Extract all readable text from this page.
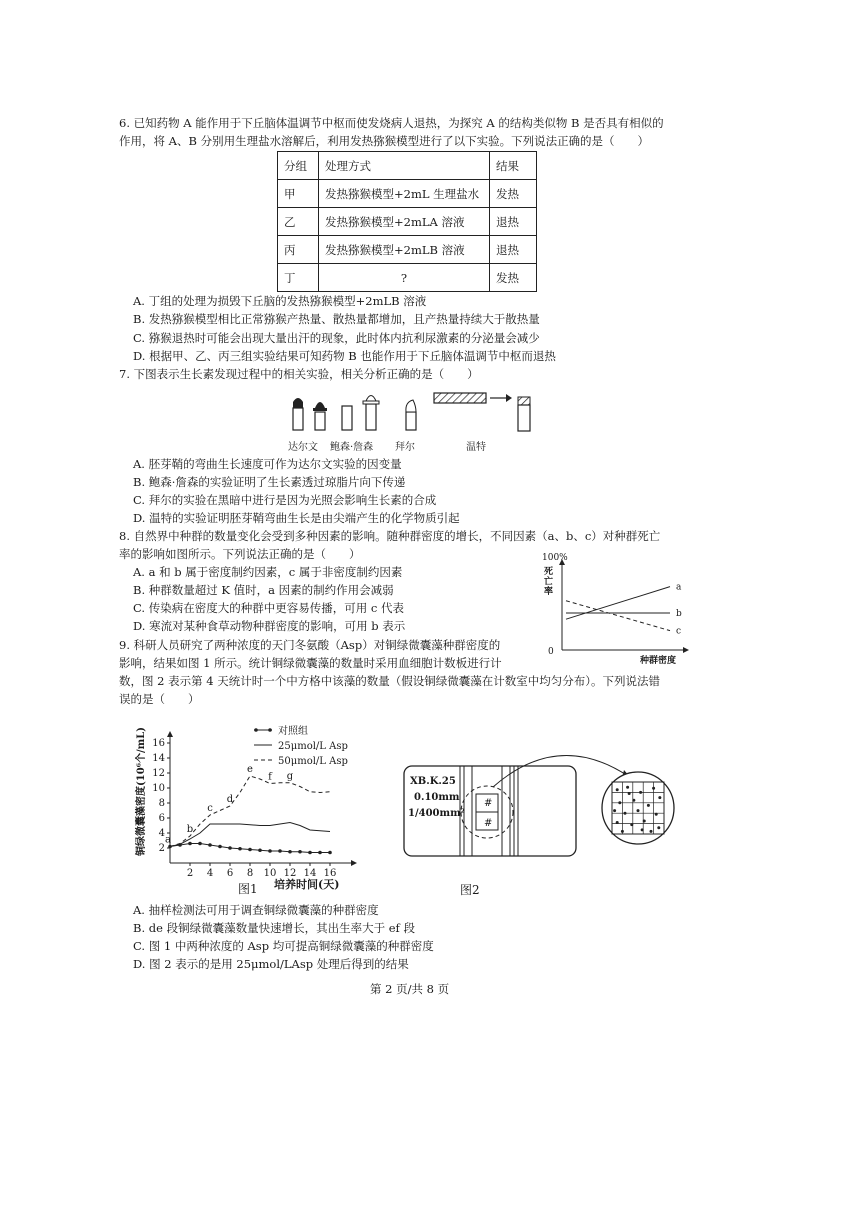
6. 已知药物 A 能作用于下丘脑体温调节中枢而使发烧病人退热，为探究 A 的结构类似物 B 是否具有相似的
作用，将 A、B 分别用生理盐水溶解后，利用发热猕猴模型进行了以下实验。下列说法正确的是（　　）
分组	处理方式	结果
甲	发热猕猴模型+2mL 生理盐水	发热
乙	发热猕猴模型+2mLA 溶液	退热
丙	发热猕猴模型+2mLB 溶液	退热
丁	?	发热
A. 丁组的处理为损毁下丘脑的发热猕猴模型+2mLB 溶液
B. 发热猕猴模型相比正常猕猴产热量、散热量都增加，且产热量持续大于散热量
C. 猕猴退热时可能会出现大量出汗的现象，此时体内抗利尿激素的分泌量会减少
D. 根据甲、乙、丙三组实验结果可知药物 B 也能作用于下丘脑体温调节中枢而退热
7. 下图表示生长素发现过程中的相关实验，相关分析正确的是（　　）
达尔文 鲍森·詹森 拜尔	温特
A. 胚芽鞘的弯曲生长速度可作为达尔文实验的因变量
B. 鲍森·詹森的实验证明了生长素透过琼脂片向下传递
C. 拜尔的实验在黑暗中进行是因为光照会影响生长素的合成
D. 温特的实验证明胚芽鞘弯曲生长是由尖端产生的化学物质引起
8. 自然界中种群的数量变化会受到多种因素的影响。随种群密度的增长，不同因素（a、b、c）对种群死亡
率的影响如图所示。下列说法正确的是（　　）
A. a 和 b 属于密度制约因素，c 属于非密度制约因素
B. 种群数量超过 K 值时，a 因素的制约作用会减弱
C. 传染病在密度大的种群中更容易传播，可用 c 代表
D. 寒流对某种食草动物种群密度的影响，可用 b 表示
100%
0
种群密度
死 亡 率	a
b
c
9. 科研人员研究了两种浓度的天门冬氨酸（Asp）对铜绿微囊藻种群密度的
影响，结果如图 1 所示。统计铜绿微囊藻的数量时采用血细胞计数板进行计
数，图 2 表示第 4 天统计时一个中方格中该藻的数量（假设铜绿微囊藻在计数室中均匀分布）。下列说法错
误的是（　　）
2 4 6 8 10 12 14 16
2
4
6
8
10
12
14
16
a
b
c
d
e
f g
对照组
25μmol/L Asp
50μmol/L Asp
培养时间(天)
图1
铜绿微囊藻密度(10⁶个/mL)	#
#
XB.K.25
0.10mm
1/400mm²
图2
A. 抽样检测法可用于调查铜绿微囊藻的种群密度
B. de 段铜绿微囊藻数量快速增长，其出生率大于 ef 段
C. 图 1 中两种浓度的 Asp 均可提高铜绿微囊藻的种群密度
D. 图 2 表示的是用 25μmol/LAsp 处理后得到的结果
第 2 页/共 8 页
